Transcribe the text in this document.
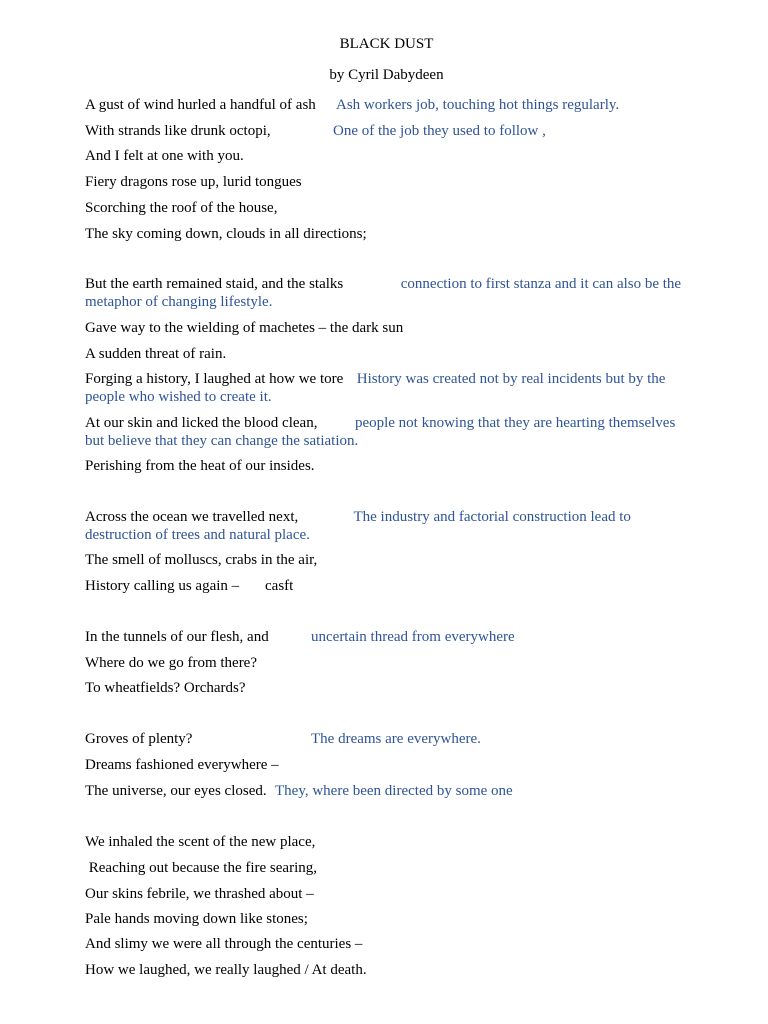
BLACK DUST
by Cyril Dabydeen
A gust of wind hurled a handful of ash Ash workers job, touching hot things regularly.
With strands like drunk octopi,	One of the job they used to follow ,
And I felt at one with you.
Fiery dragons rose up, lurid tongues
Scorching the roof of the house,
The sky coming down, clouds in all directions;
But the earth remained staid, and the stalks	connection to first stanza and it can also be the metaphor of changing lifestyle.
Gave way to the wielding of machetes – the dark sun
A sudden threat of rain.
Forging a history, I laughed at how we tore History was created not by real incidents but by the people who wished to create it.
At our skin and licked the blood clean,	people not knowing that they are hearting themselves but believe that they can change the satiation.
Perishing from the heat of our insides.
Across the ocean we travelled next,	The industry and factorial construction lead to destruction of trees and natural place.
The smell of molluscs, crabs in the air,
History calling us again – casft
In the tunnels of our flesh, and	uncertain thread from everywhere
Where do we go from there?
To wheatfields? Orchards?
Groves of plenty?	The dreams are everywhere.
Dreams fashioned everywhere –
The universe, our eyes closed. They, where been directed by some one
We inhaled the scent of the new place,
Reaching out because the fire searing,
Our skins febrile, we thrashed about –
Pale hands moving down like stones;
And slimy we were all through the centuries –
How we laughed, we really laughed / At death.
